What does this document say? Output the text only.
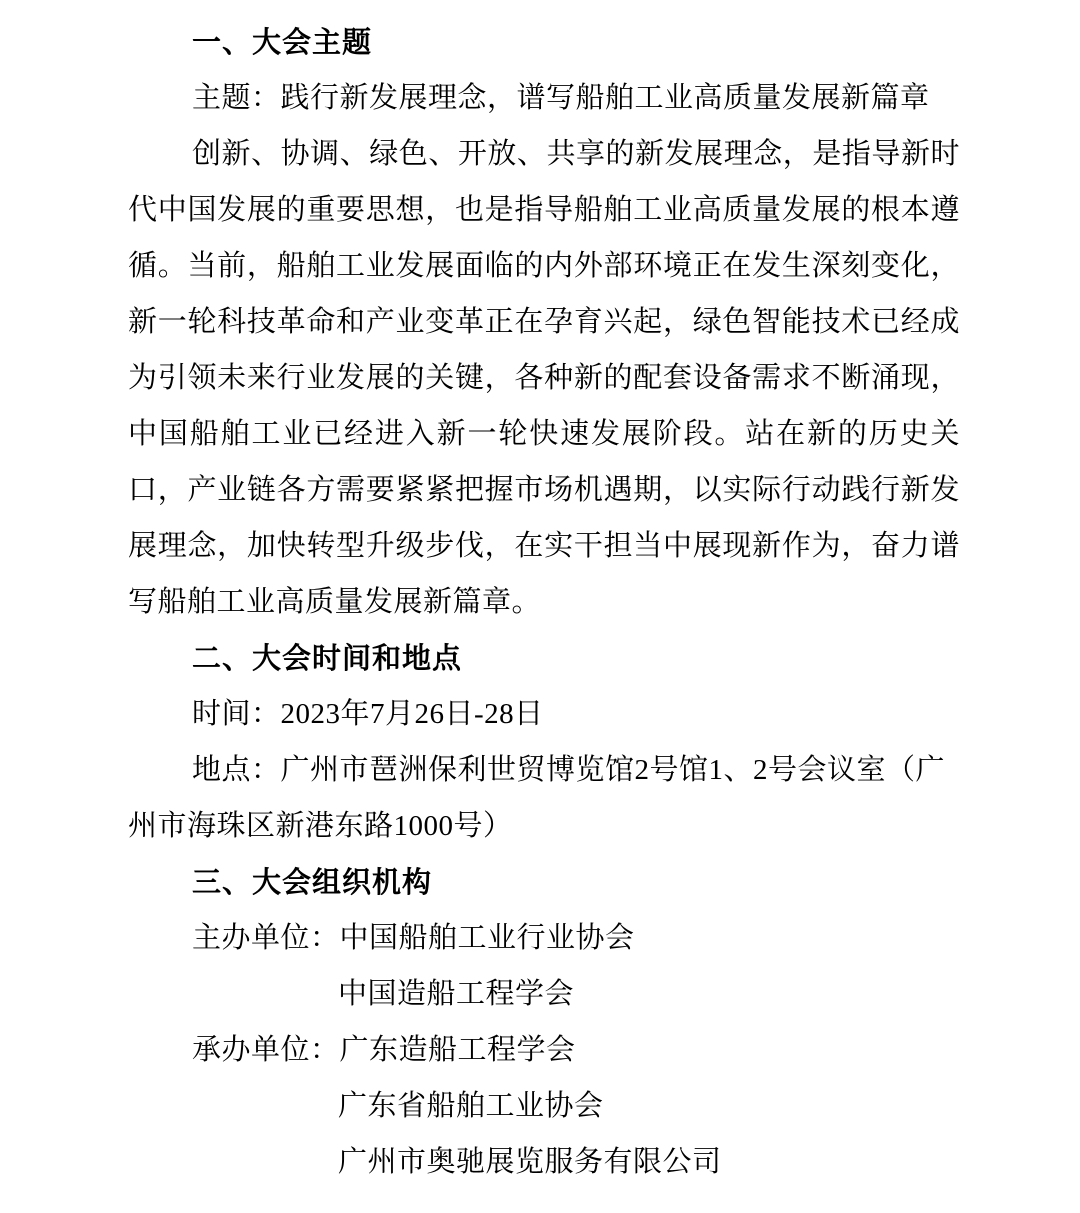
一、大会主题

主题：践行新发展理念，谱写船舶工业高质量发展新篇章

创新、协调、绿色、开放、共享的新发展理念，是指导新时代中国发展的重要思想，也是指导船舶工业高质量发展的根本遵循。当前，船舶工业发展面临的内外部环境正在发生深刻变化，新一轮科技革命和产业变革正在孕育兴起，绿色智能技术已经成为引领未来行业发展的关键，各种新的配套设备需求不断涌现，中国船舶工业已经进入新一轮快速发展阶段。站在新的历史关口，产业链各方需要紧紧把握市场机遇期，以实际行动践行新发展理念，加快转型升级步伐，在实干担当中展现新作为，奋力谱写船舶工业高质量发展新篇章。

二、大会时间和地点

时间：2023年7月26日-28日

地点：广州市琶洲保利世贸博览馆2号馆1、2号会议室（广州市海珠区新港东路1000号）

三、大会组织机构

主办单位：中国船舶工业行业协会

中国造船工程学会

承办单位：广东造船工程学会

广东省船舶工业协会

广州市奥驰展览服务有限公司
